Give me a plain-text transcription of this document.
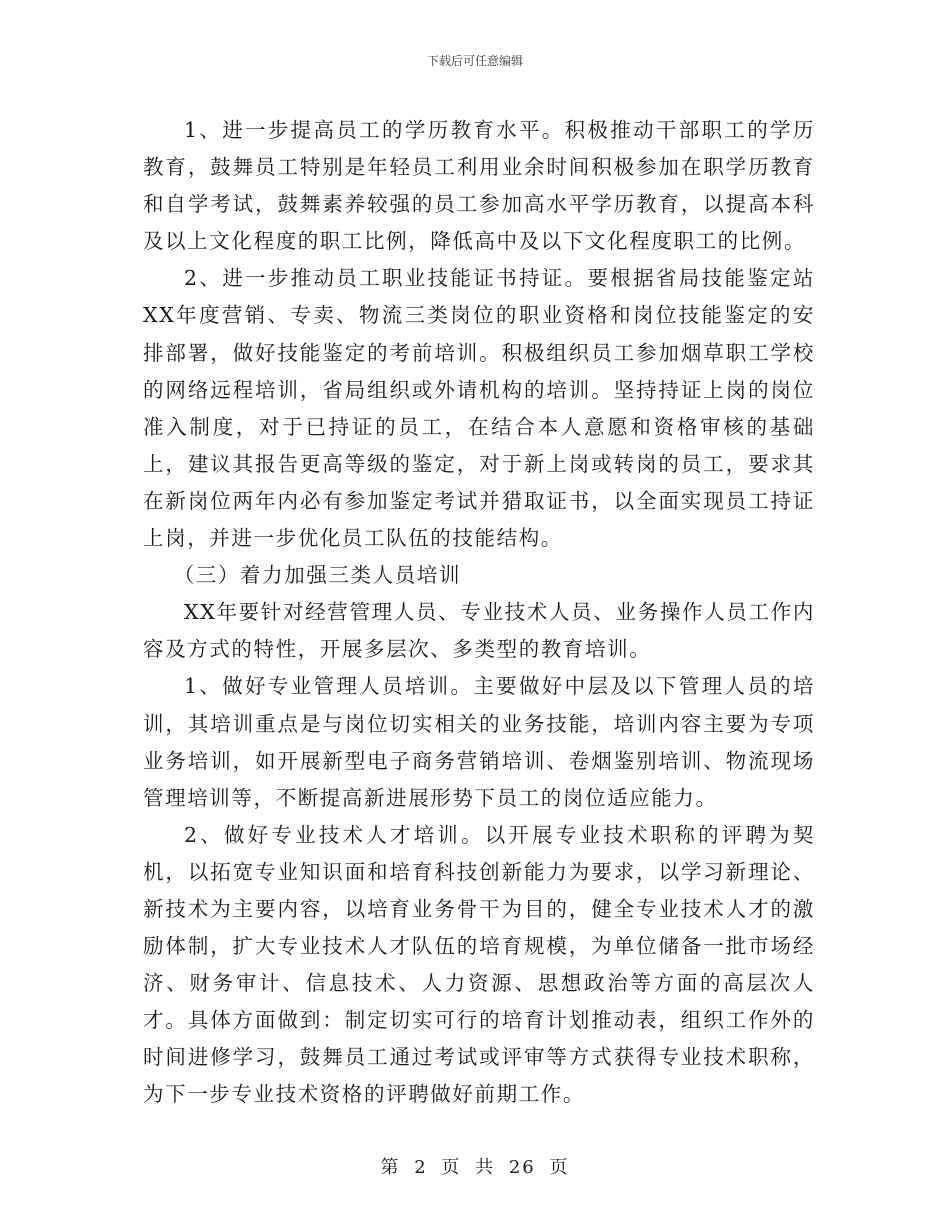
下载后可任意编辑

1、进一步提高员工的学历教育水平。积极推动干部职工的学历教育，鼓舞员工特别是年轻员工利用业余时间积极参加在职学历教育和自学考试，鼓舞素养较强的员工参加高水平学历教育，以提高本科及以上文化程度的职工比例，降低高中及以下文化程度职工的比例。

2、进一步推动员工职业技能证书持证。要根据省局技能鉴定站XX年度营销、专卖、物流三类岗位的职业资格和岗位技能鉴定的安排部署，做好技能鉴定的考前培训。积极组织员工参加烟草职工学校的网络远程培训，省局组织或外请机构的培训。坚持持证上岗的岗位准入制度，对于已持证的员工，在结合本人意愿和资格审核的基础上，建议其报告更高等级的鉴定，对于新上岗或转岗的员工，要求其在新岗位两年内必有参加鉴定考试并猎取证书，以全面实现员工持证上岗，并进一步优化员工队伍的技能结构。

（三）着力加强三类人员培训

XX年要针对经营管理人员、专业技术人员、业务操作人员工作内容及方式的特性，开展多层次、多类型的教育培训。

1、做好专业管理人员培训。主要做好中层及以下管理人员的培训，其培训重点是与岗位切实相关的业务技能，培训内容主要为专项业务培训，如开展新型电子商务营销培训、卷烟鉴别培训、物流现场管理培训等，不断提高新进展形势下员工的岗位适应能力。

2、做好专业技术人才培训。以开展专业技术职称的评聘为契机，以拓宽专业知识面和培育科技创新能力为要求，以学习新理论、新技术为主要内容，以培育业务骨干为目的，健全专业技术人才的激励体制，扩大专业技术人才队伍的培育规模，为单位储备一批市场经济、财务审计、信息技术、人力资源、思想政治等方面的高层次人才。具体方面做到：制定切实可行的培育计划推动表，组织工作外的时间进修学习，鼓舞员工通过考试或评审等方式获得专业技术职称，为下一步专业技术资格的评聘做好前期工作。

第 2 页 共 26 页
